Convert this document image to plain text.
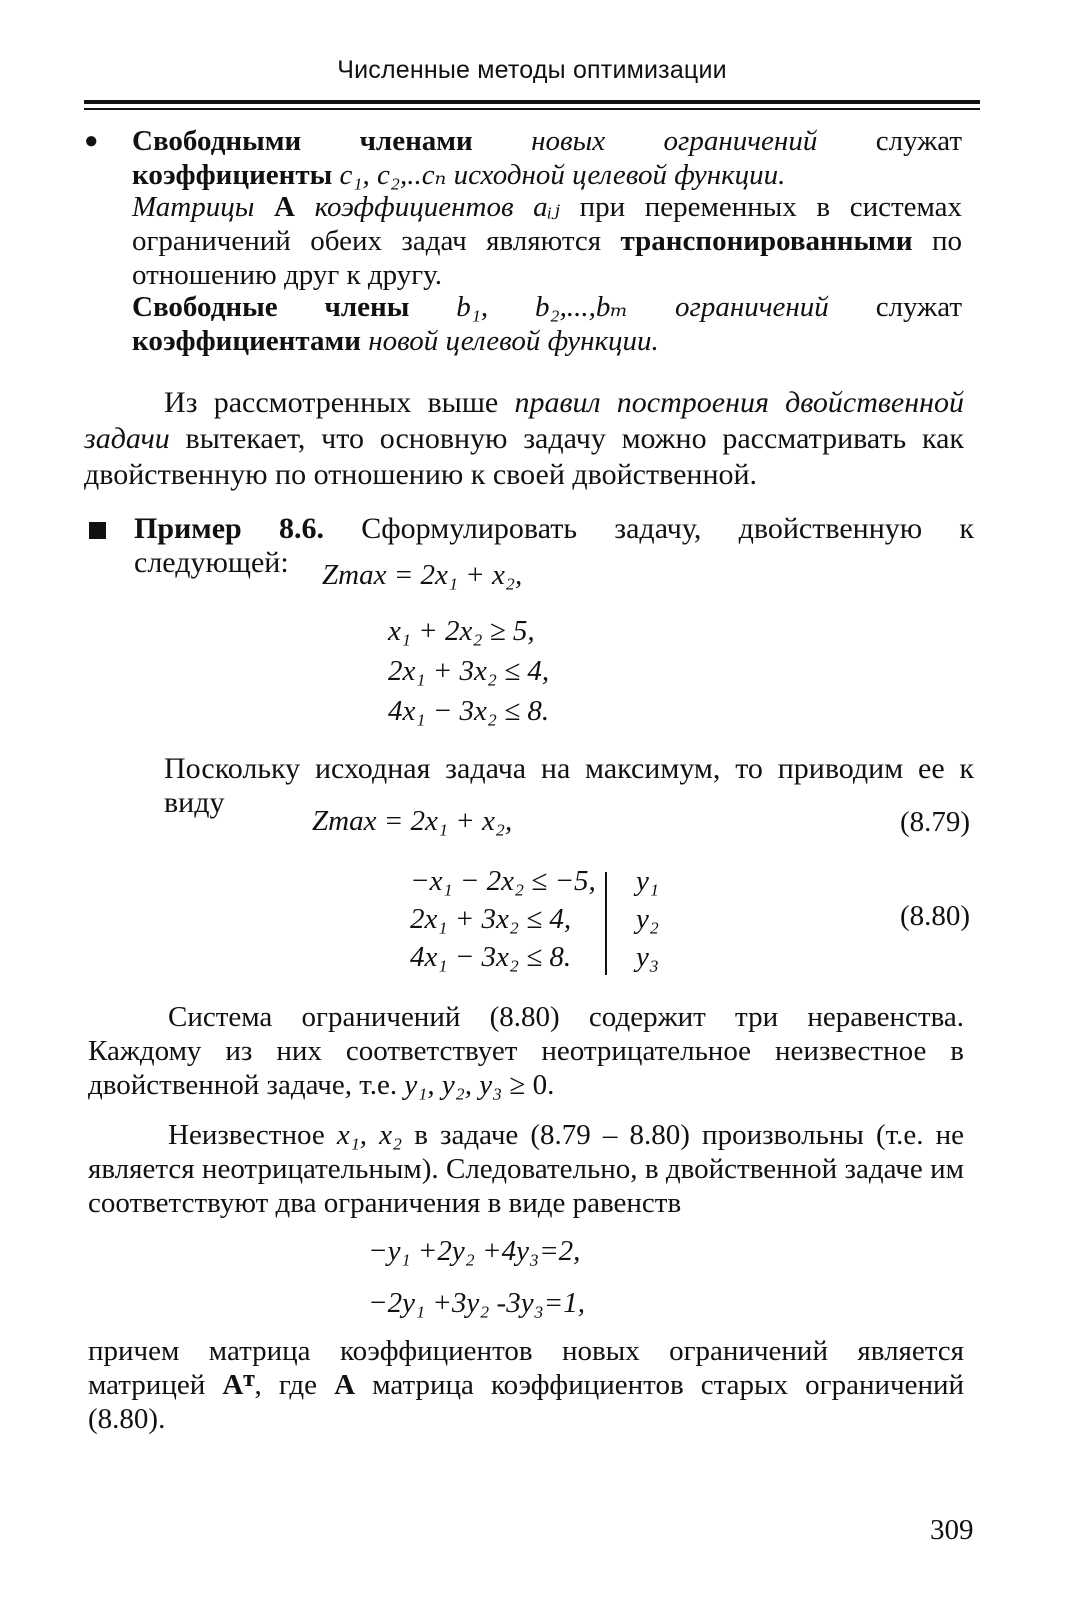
Численные методы оптимизации
● Свободными членами новых ограничений служат коэффициенты c₁, c₂,..cₙ исходной целевой функции.
Матрицы А коэффициентов aᵢⱼ при переменных в системах ограничений обеих задач являются транспонированными по отношению друг к другу.
Свободные члены b₁, b₂,...,bₘ ограничений служат коэффициентами новой целевой функции.
Из рассмотренных выше правил построения двойственной задачи вытекает, что основную задачу можно рассматривать как двойственную по отношению к своей двойственной.
Пример 8.6. Сформулировать задачу, двойственную к следующей:	Zmax = 2x₁ + x₂,
x₁ + 2x₂ ≥ 5,
2x₁ + 3x₂ ≤ 4,
4x₁ − 3x₂ ≤ 8.
Поскольку исходная задача на максимум, то приводим ее к виду
Zmax = 2x₁ + x₂,	(8.79)
−x₁ − 2x₂ ≤ −5,
2x₁ + 3x₂ ≤ 4,
4x₁ − 3x₂ ≤ 8.
y₁
y₂
y₃
(8.80)
Система ограничений (8.80) содержит три неравенства. Каждому из них соответствует неотрицательное неизвестное в двойственной задаче, т.е. y₁, y₂, y₃ ≥ 0.
Неизвестное x₁, x₂ в задаче (8.79 – 8.80) произвольны (т.е. не является неотрицательным). Следовательно, в двойственной задаче им соответствуют два ограничения в виде равенств
−y₁ +2y₂ +4y₃=2,
−2y₁ +3y₂ -3y₃=1,
причем матрица коэффициентов новых ограничений является матрицей Aᵀ, где А матрица коэффициентов старых ограничений (8.80).
309
